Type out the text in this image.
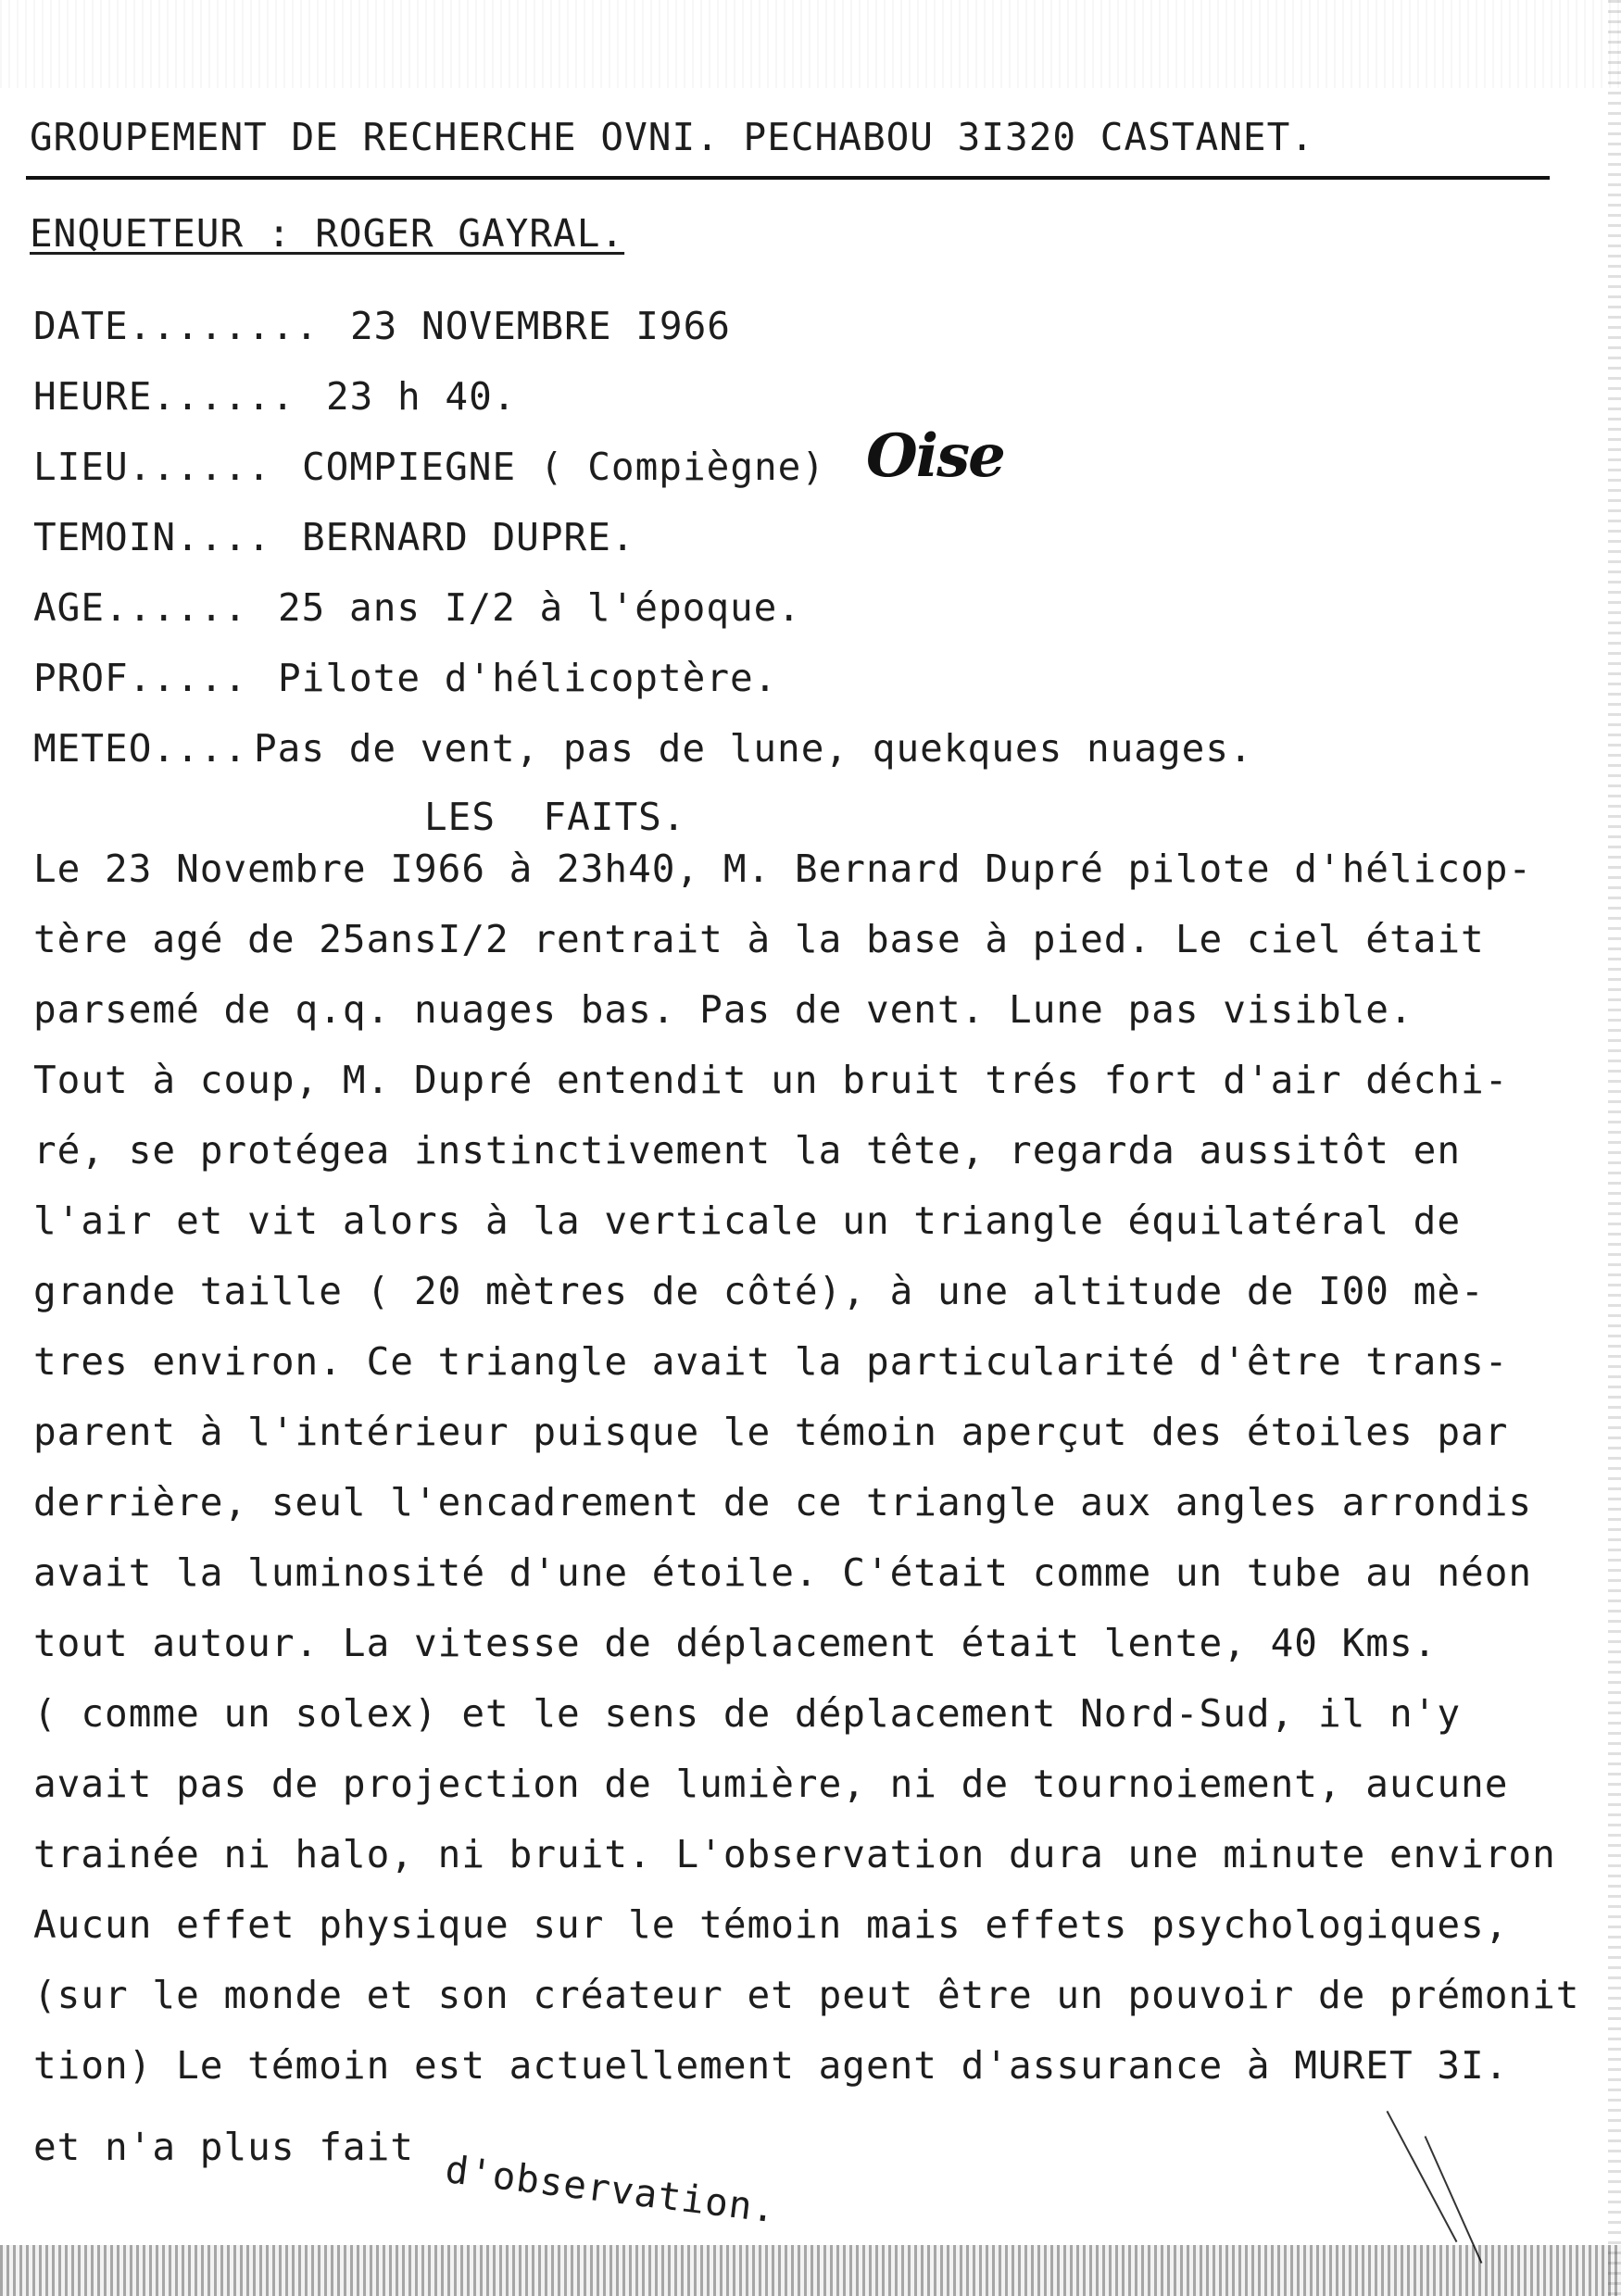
GROUPEMENT DE RECHERCHE OVNI. PECHABOU 3I320 CASTANET.
ENQUETEUR : ROGER GAYRAL.
DATE........ 23 NOVEMBRE I966
HEURE...... 23 h 40.
LIEU...... COMPIEGNE ( Compiègne)
TEMOIN.... BERNARD DUPRE.
AGE...... 25 ans I/2 à l'époque.
PROF..... Pilote d'hélicoptère.
METEO.... Pas de vent, pas de lune, quekques nuages.
Oise
LES  FAITS.
Le 23 Novembre I966 à 23h40, M. Bernard Dupré pilote d'hélicop-
tère agé de 25ansI/2 rentrait à la base à pied. Le ciel était
parsemé de q.q. nuages bas. Pas de vent. Lune pas visible.
Tout à coup, M. Dupré entendit un bruit trés fort d'air déchi-
ré, se protégea instinctivement la tête, regarda aussitôt en
l'air et vit alors à la verticale un triangle équilatéral de
grande taille ( 20 mètres de côté), à une altitude de I00 mè-
tres environ. Ce triangle avait la particularité d'être trans-
parent à l'intérieur puisque le témoin aperçut des étoiles par
derrière, seul l'encadrement de ce triangle aux angles arrondis
avait la luminosité d'une étoile. C'était comme un tube au néon
tout autour. La vitesse de déplacement était lente, 40 Kms.
( comme un solex) et le sens de déplacement Nord-Sud, il n'y
avait pas de projection de lumière, ni de tournoiement, aucune
trainée ni halo, ni bruit. L'observation dura une minute environ
Aucun effet physique sur le témoin mais effets psychologiques,
(sur le monde et son créateur et peut être un pouvoir de prémonit
tion) Le témoin est actuellement agent d'assurance à MURET 3I.
et n'a plus fait d'observation.
